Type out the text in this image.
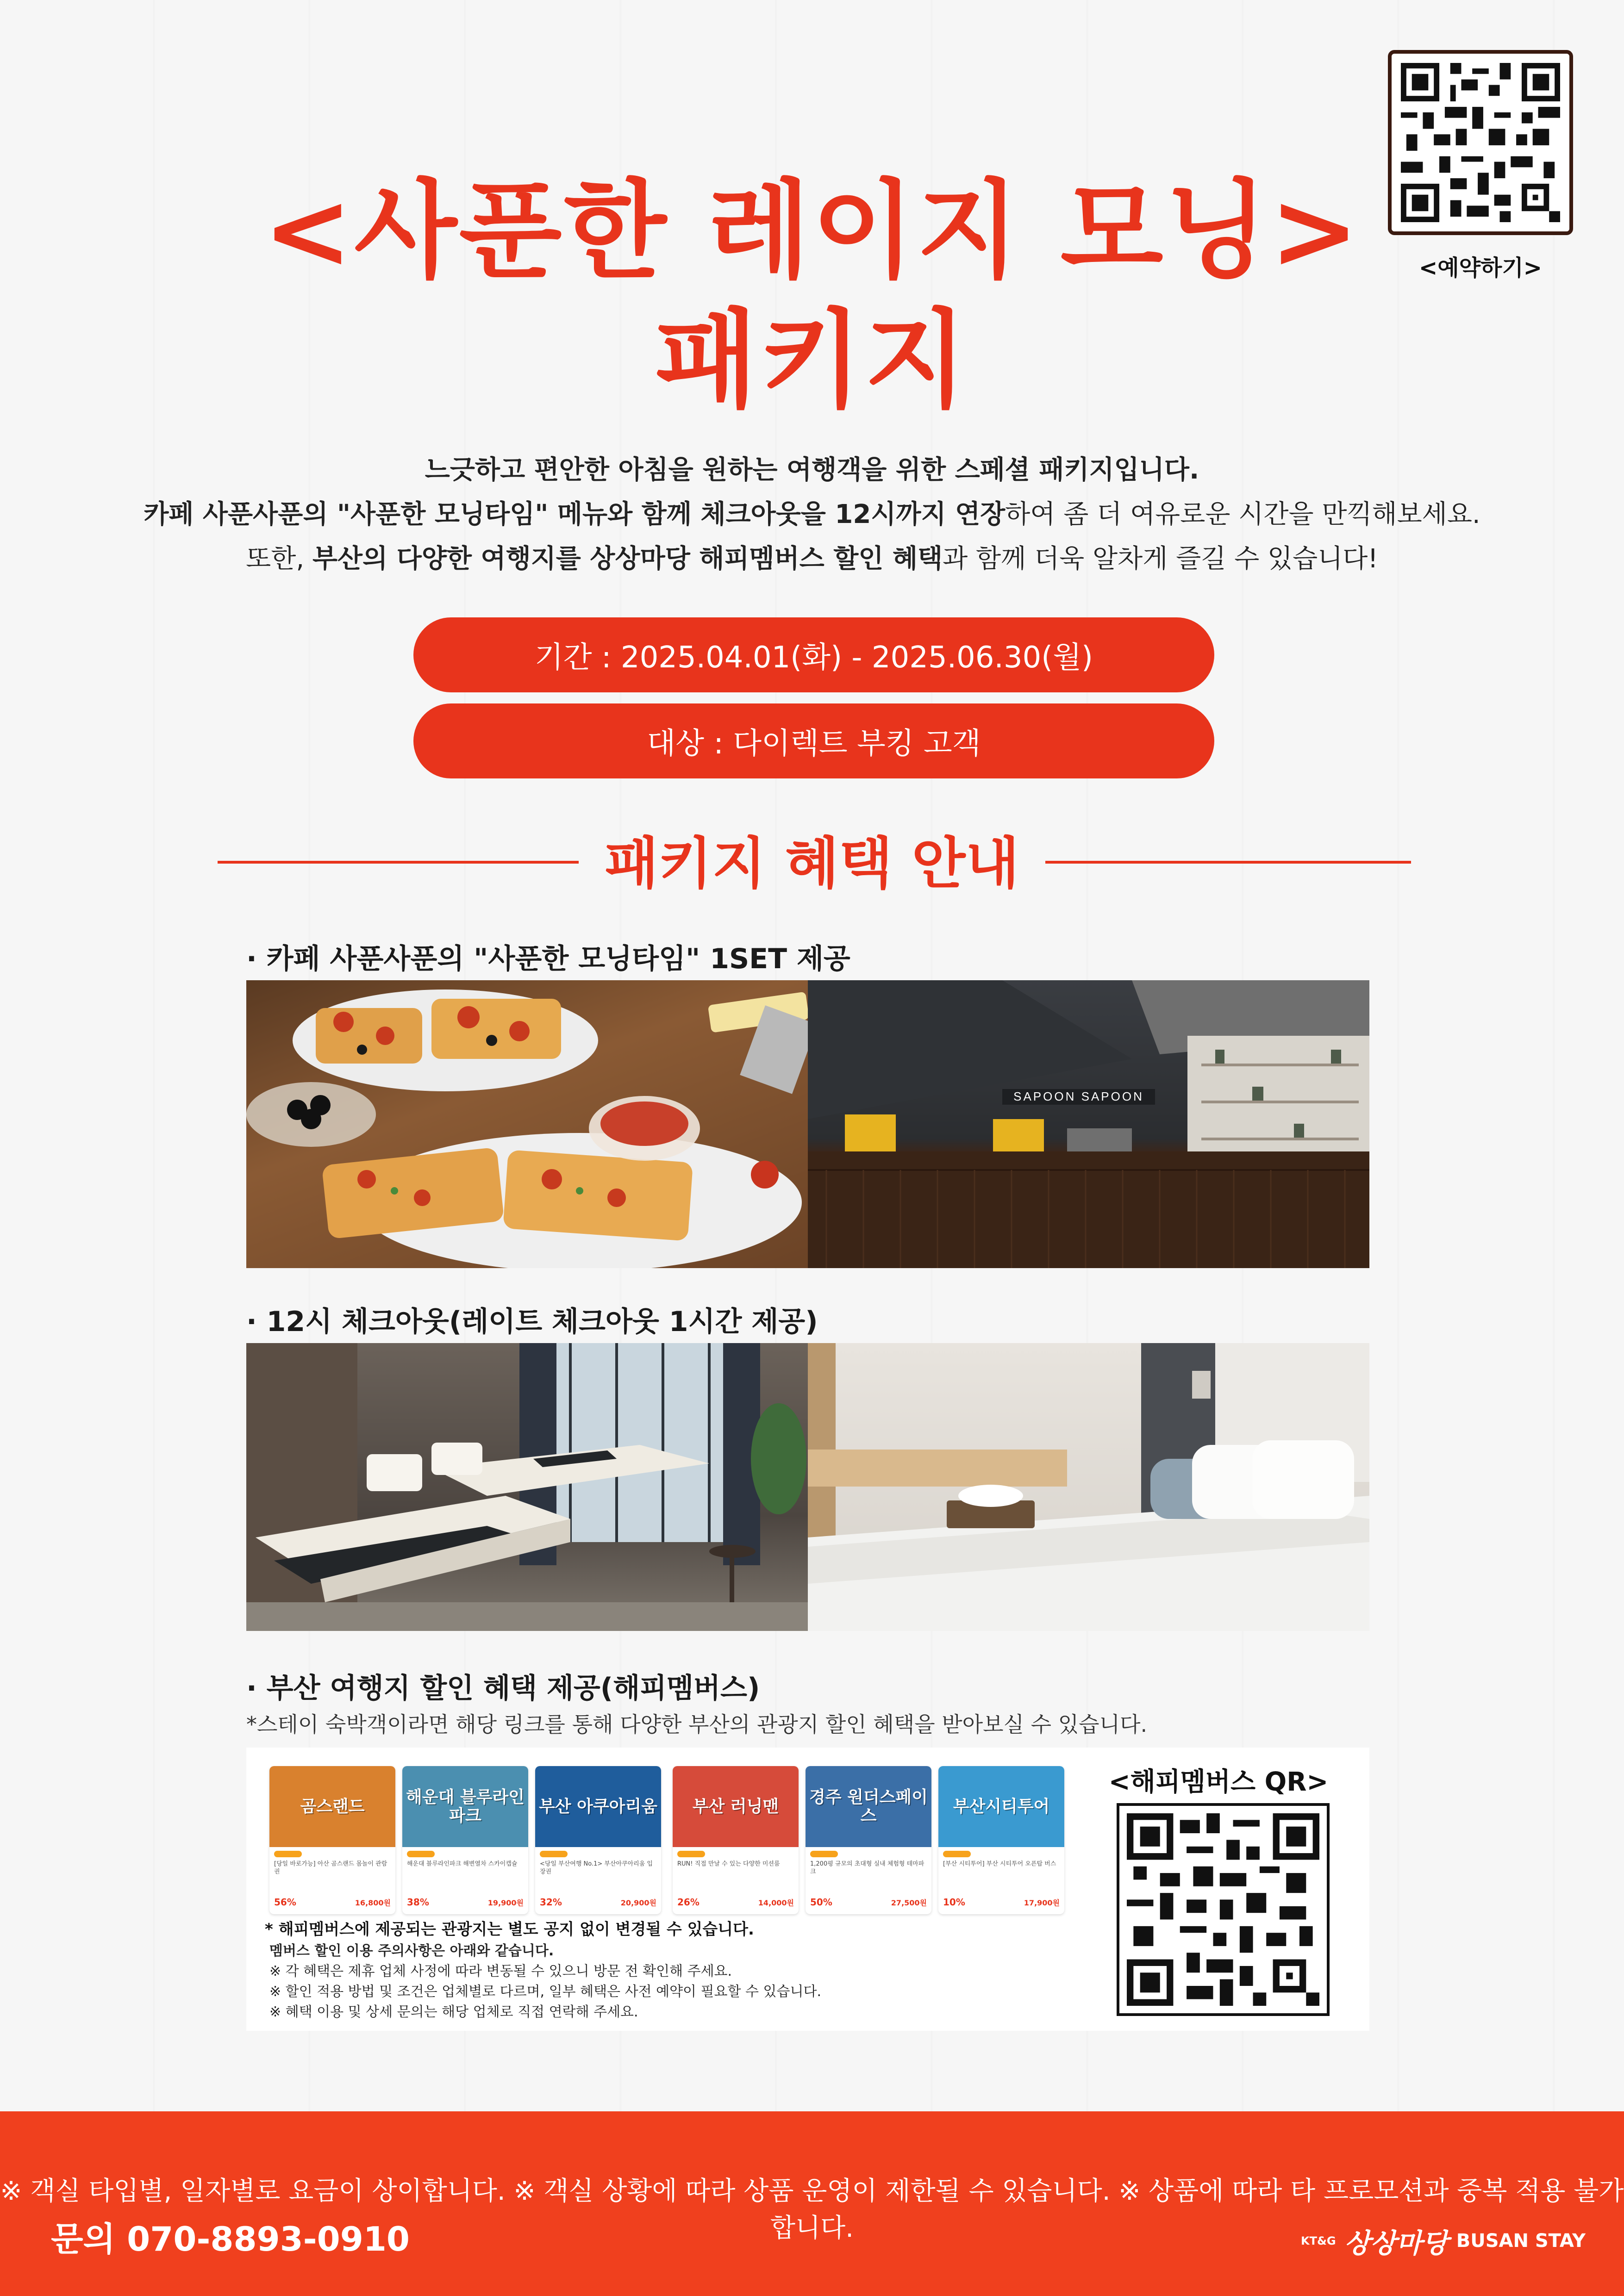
<예약하기>
<사푼한 레이지 모닝>
패키지
느긋하고 편안한 아침을 원하는 여행객을 위한 스페셜 패키지입니다.
카페 사푼사푼의 "사푼한 모닝타임" 메뉴와 함께 체크아웃을 12시까지 연장하여 좀 더 여유로운 시간을 만끽해보세요.
또한, 부산의 다양한 여행지를 상상마당 해피멤버스 할인 혜택과 함께 더욱 알차게 즐길 수 있습니다!
기간 : 2025.04.01(화) - 2025.06.30(월)
대상 : 다이렉트 부킹 고객
패키지 혜택 안내
· 카페 사푼사푼의 "사푼한 모닝타임" 1SET 제공
SAPOON SAPOON
· 12시 체크아웃(레이트 체크아웃 1시간 제공)
· 부산 여행지 할인 혜택 제공(해피멤버스)
*스테이 숙박객이라면 해당 링크를 통해 다양한 부산의 관광지 할인 혜택을 받아보실 수 있습니다.
곰스랜드
[당일 바로가능] 아산 곰스랜드 몸놀이 관람권
56%	16,800원
해운대 블루라인파크
해운대 블루라인파크 해변열차 스카이캡슐
38%	19,900원
부산 아쿠아리움
<당일 부산여행 No.1> 부산아쿠아리움 입장권
32%	20,900원
부산 러닝맨
RUN! 직접 만날 수 있는 다양한 미션룸
26%	14,000원
경주 원더스페이스
1,200평 규모의 초대형 실내 체험형 테마파크
50%	27,500원
부산시티투어
[부산 시티투어] 부산 시티투어 오픈탑 버스
10%	17,900원
* 해피멤버스에 제공되는 관광지는 별도 공지 없이 변경될 수 있습니다.
멤버스 할인 이용 주의사항은 아래와 같습니다.
※ 각 혜택은 제휴 업체 사정에 따라 변동될 수 있으니 방문 전 확인해 주세요.
※ 할인 적용 방법 및 조건은 업체별로 다르며, 일부 혜택은 사전 예약이 필요할 수 있습니다.
※ 혜택 이용 및 상세 문의는 해당 업체로 직접 연락해 주세요.
<해피멤버스 QR>
※ 객실 타입별, 일자별로 요금이 상이합니다. ※ 객실 상황에 따라 상품 운영이 제한될 수 있습니다. ※ 상품에 따라 타 프로모션과 중복 적용 불가합니다.
문의 070-8893-0910	KT&G 상상마당 BUSAN STAY
